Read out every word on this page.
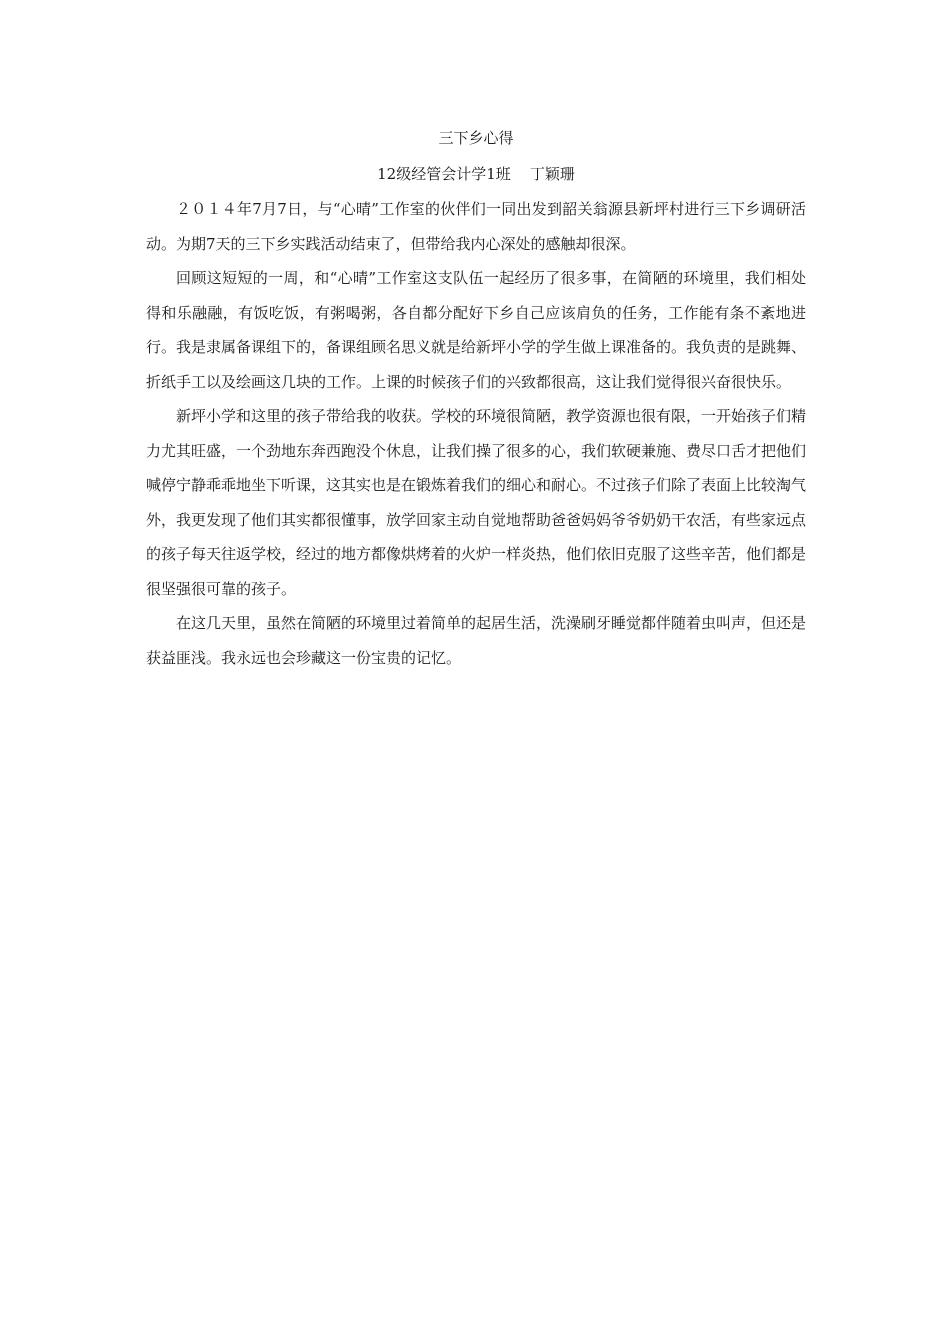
三下乡心得
12级经管会计学1班    丁颖珊

２０１４年7月7日，与“心晴”工作室的伙伴们一同出发到韶关翁源县新坪村进行三下乡调研活动。为期7天的三下乡实践活动结束了，但带给我内心深处的感触却很深。

回顾这短短的一周，和“心晴”工作室这支队伍一起经历了很多事，在简陋的环境里，我们相处得和乐融融，有饭吃饭，有粥喝粥，各自都分配好下乡自己应该肩负的任务，工作能有条不紊地进行。我是隶属备课组下的，备课组顾名思义就是给新坪小学的学生做上课准备的。我负责的是跳舞、折纸手工以及绘画这几块的工作。上课的时候孩子们的兴致都很高，这让我们觉得很兴奋很快乐。

新坪小学和这里的孩子带给我的收获。学校的环境很简陋，教学资源也很有限，一开始孩子们精力尤其旺盛，一个劲地东奔西跑没个休息，让我们操了很多的心，我们软硬兼施、费尽口舌才把他们喊停宁静乖乖地坐下听课，这其实也是在锻炼着我们的细心和耐心。不过孩子们除了表面上比较淘气外，我更发现了他们其实都很懂事，放学回家主动自觉地帮助爸爸妈妈爷爷奶奶干农活，有些家远点的孩子每天往返学校，经过的地方都像烘烤着的火炉一样炎热，他们依旧克服了这些辛苦，他们都是很坚强很可靠的孩子。

在这几天里，虽然在简陋的环境里过着简单的起居生活，洗澡刷牙睡觉都伴随着虫叫声，但还是获益匪浅。我永远也会珍藏这一份宝贵的记忆。
